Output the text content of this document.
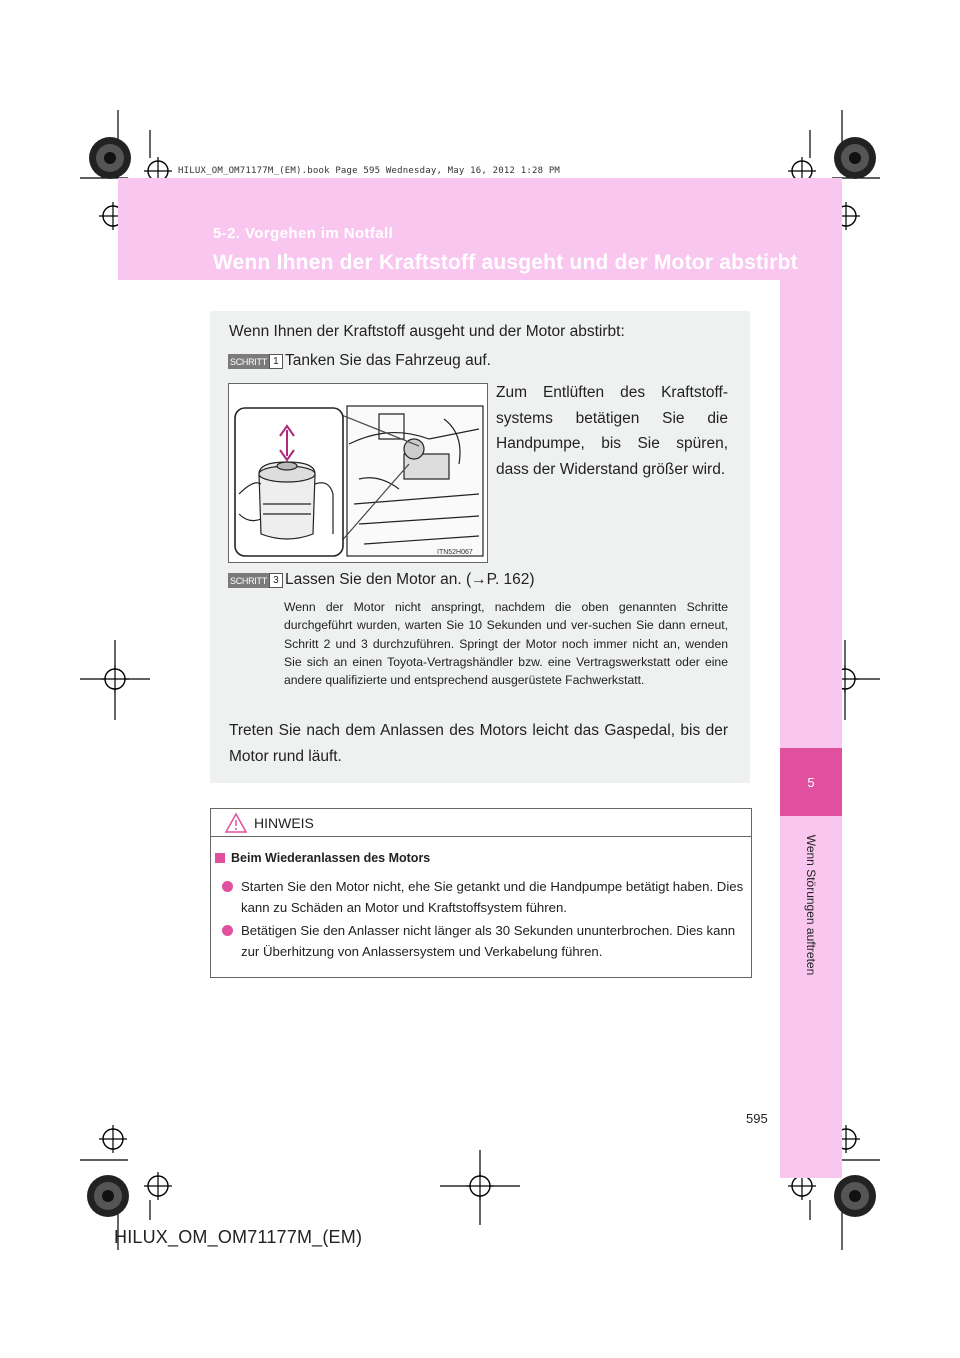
HILUX_OM_OM71177M_(EM).book Page 595 Wednesday, May 16, 2012 1:28 PM
5-2. Vorgehen im Notfall
Wenn Ihnen der Kraftstoff ausgeht und der Motor abstirbt
5
Wenn Störungen auftreten
Wenn Ihnen der Kraftstoff ausgeht und der Motor abstirbt:
SCHRITT 1 Tanken Sie das Fahrzeug auf.
Zum Entlüften des Kraftstoff-systems betätigen Sie die Handpumpe, bis Sie spüren, dass der Widerstand größer wird.
ITN52H067
SCHRITT 3 Lassen Sie den Motor an. (→P. 162)
Wenn der Motor nicht anspringt, nachdem die oben genannten Schritte durchgeführt wurden, warten Sie 10 Sekunden und ver-suchen Sie dann erneut, Schritt 2 und 3 durchzuführen. Springt der Motor noch immer nicht an, wenden Sie sich an einen Toyota-Vertragshändler bzw. eine Vertragswerkstatt oder eine andere qualifizierte und entsprechend ausgerüstete Fachwerkstatt.
Treten Sie nach dem Anlassen des Motors leicht das Gaspedal, bis der Motor rund läuft.
HINWEIS
Beim Wiederanlassen des Motors
Starten Sie den Motor nicht, ehe Sie getankt und die Handpumpe betätigt haben. Dies kann zu Schäden an Motor und Kraftstoffsystem führen.
Betätigen Sie den Anlasser nicht länger als 30 Sekunden ununterbrochen. Dies kann zur Überhitzung von Anlassersystem und Verkabelung führen.
595
HILUX_OM_OM71177M_(EM)
